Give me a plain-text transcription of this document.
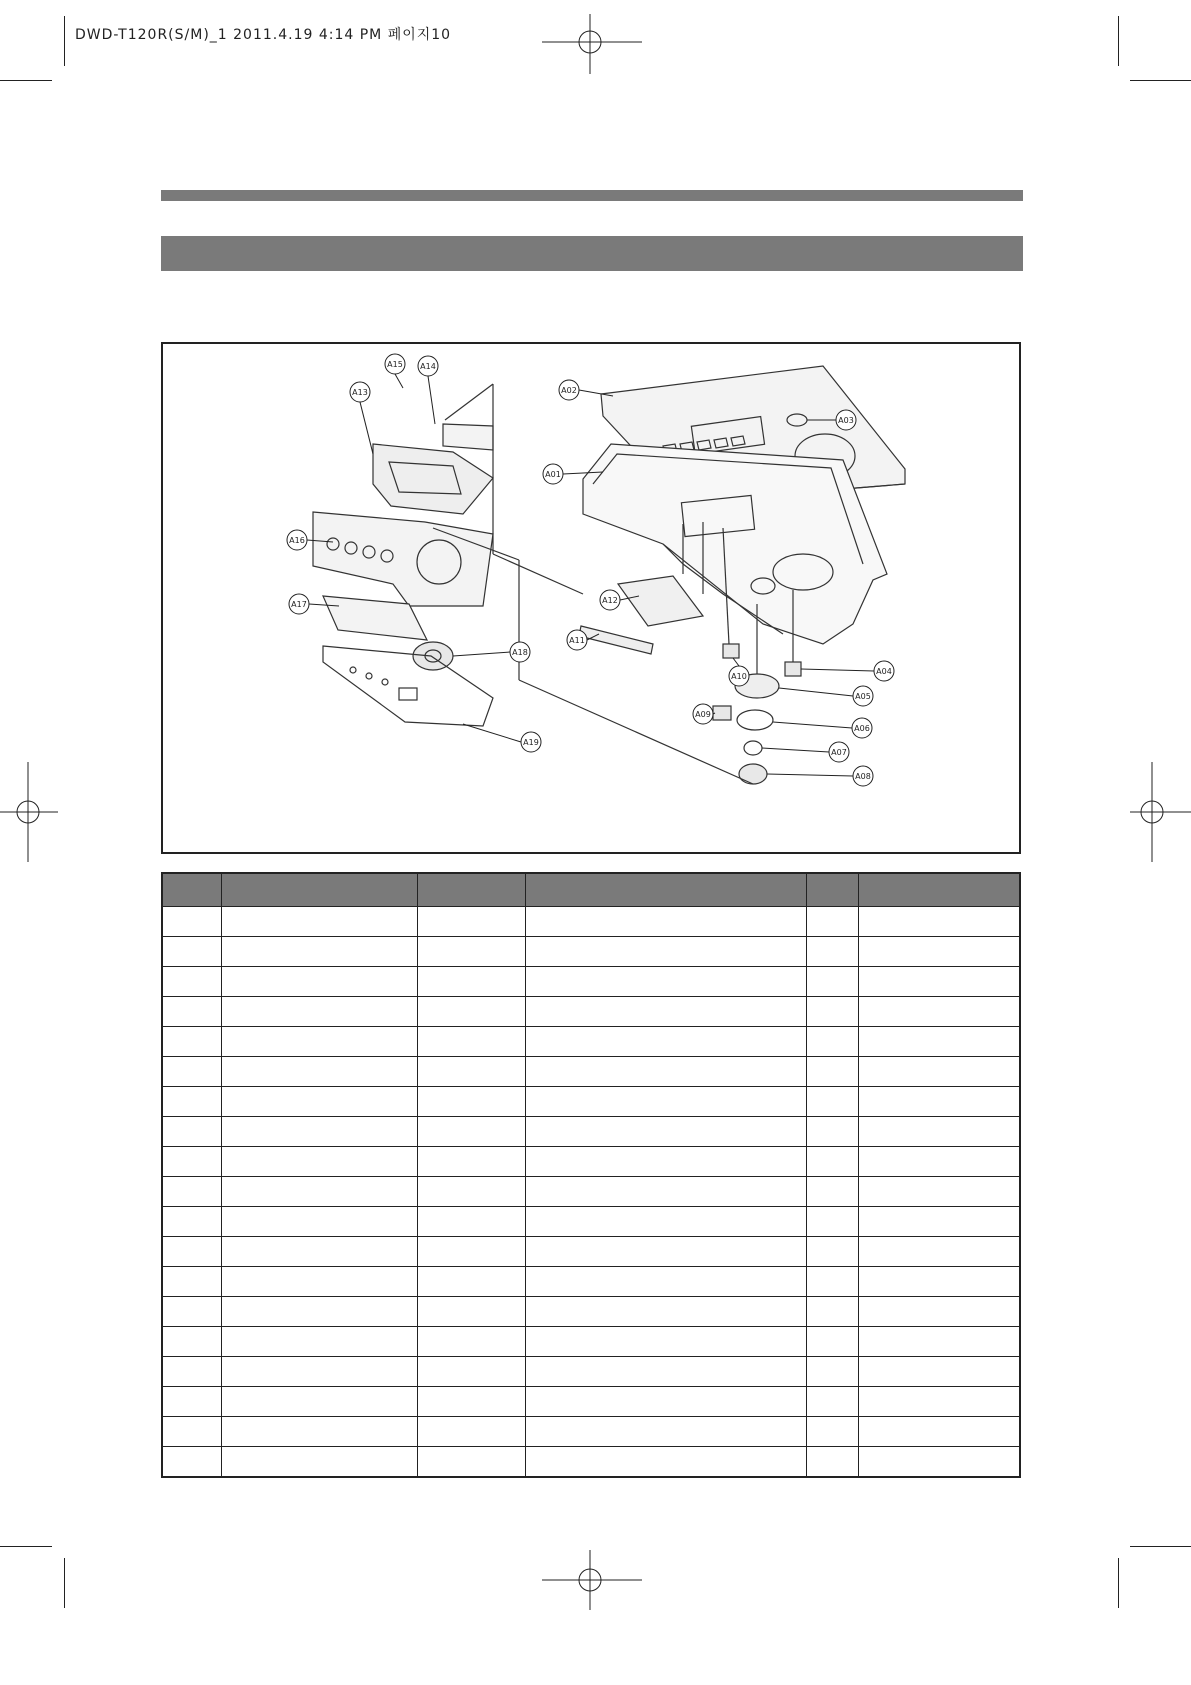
DWD-T120R(S/M)_1 2011.4.19 4:14 PM 페이지10
A15 A14
A13	A02
A03
A01
A16
A17	A12
A11
A18
A10
A04
A05
A09
A06
A19
A07
A08
